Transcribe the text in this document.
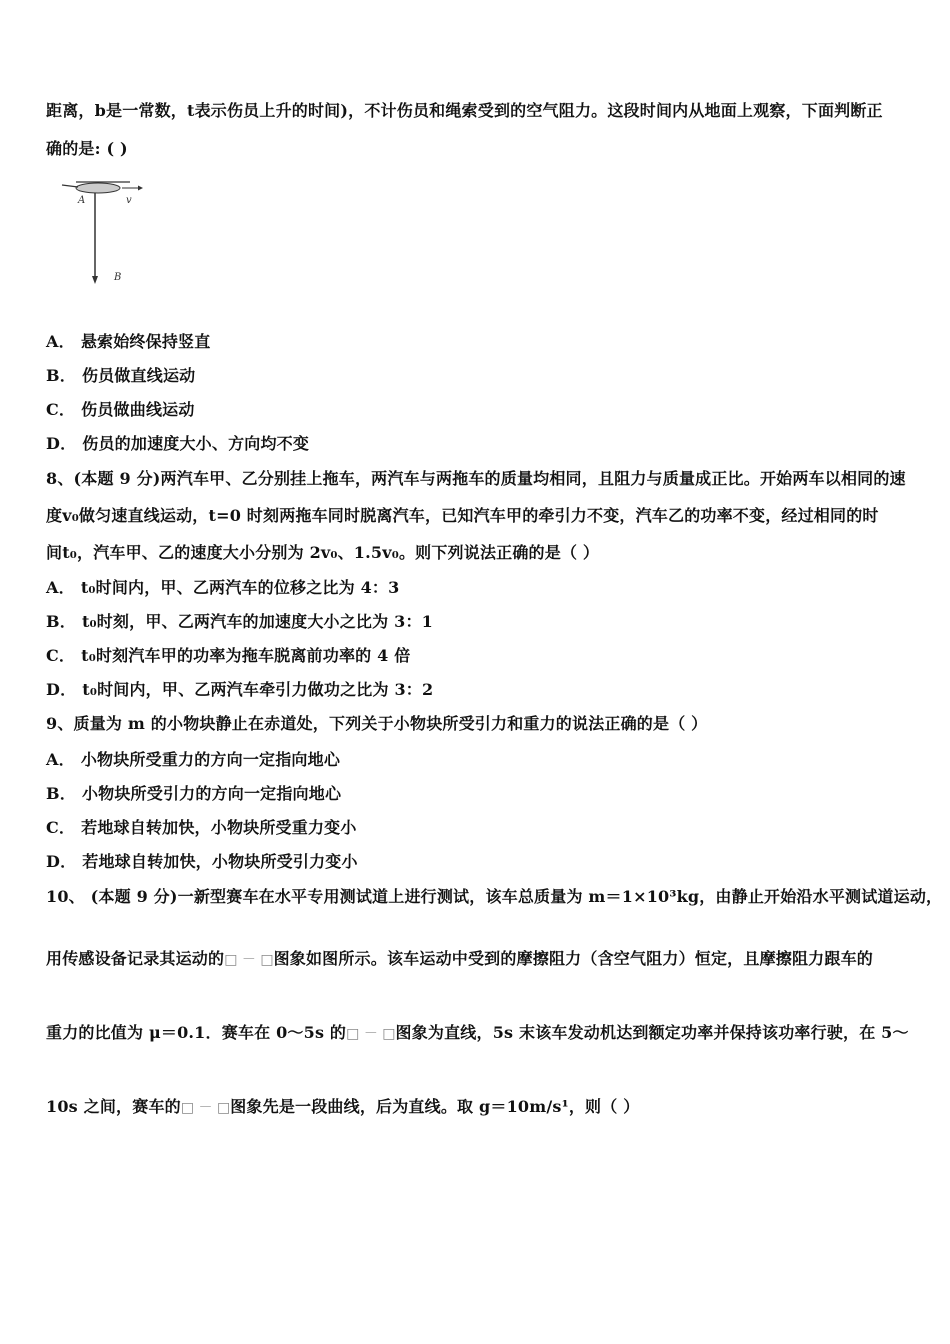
距离，b是一常数，t表示伤员上升的时间)，不计伤员和绳索受到的空气阻力。这段时间内从地面上观察，下面判断正
确的是: ( )
A	v
B
A． 悬索始终保持竖直
B． 伤员做直线运动
C． 伤员做曲线运动
D． 伤员的加速度大小、方向均不变
8、(本题 9 分)两汽车甲、乙分别挂上拖车，两汽车与两拖车的质量均相同，且阻力与质量成正比。开始两车以相同的速
度v₀做匀速直线运动，t=0 时刻两拖车同时脱离汽车，已知汽车甲的牵引力不变，汽车乙的功率不变，经过相同的时
间t₀，汽车甲、乙的速度大小分别为 2v₀、1.5v₀。则下列说法正确的是（ ）
A． t₀时间内，甲、乙两汽车的位移之比为 4：3
B． t₀时刻，甲、乙两汽车的加速度大小之比为 3：1
C． t₀时刻汽车甲的功率为拖车脱离前功率的 4 倍
D． t₀时间内，甲、乙两汽车牵引力做功之比为 3：2
9、质量为 m 的小物块静止在赤道处，下列关于小物块所受引力和重力的说法正确的是（ ）
A． 小物块所受重力的方向一定指向地心
B． 小物块所受引力的方向一定指向地心
C． 若地球自转加快，小物块所受重力变小
D． 若地球自转加快，小物块所受引力变小
10、 (本题 9 分)一新型赛车在水平专用测试道上进行测试，该车总质量为 m＝1×10³kg，由静止开始沿水平测试道运动，
用传感设备记录其运动的□ － □图象如图所示。该车运动中受到的摩擦阻力（含空气阻力）恒定，且摩擦阻力跟车的
重力的比值为 μ＝0.1．赛车在 0～5s 的□ － □图象为直线，5s 末该车发动机达到额定功率并保持该功率行驶，在 5～
10s 之间，赛车的□ － □图象先是一段曲线，后为直线。取 g＝10m/s¹，则（ ）
